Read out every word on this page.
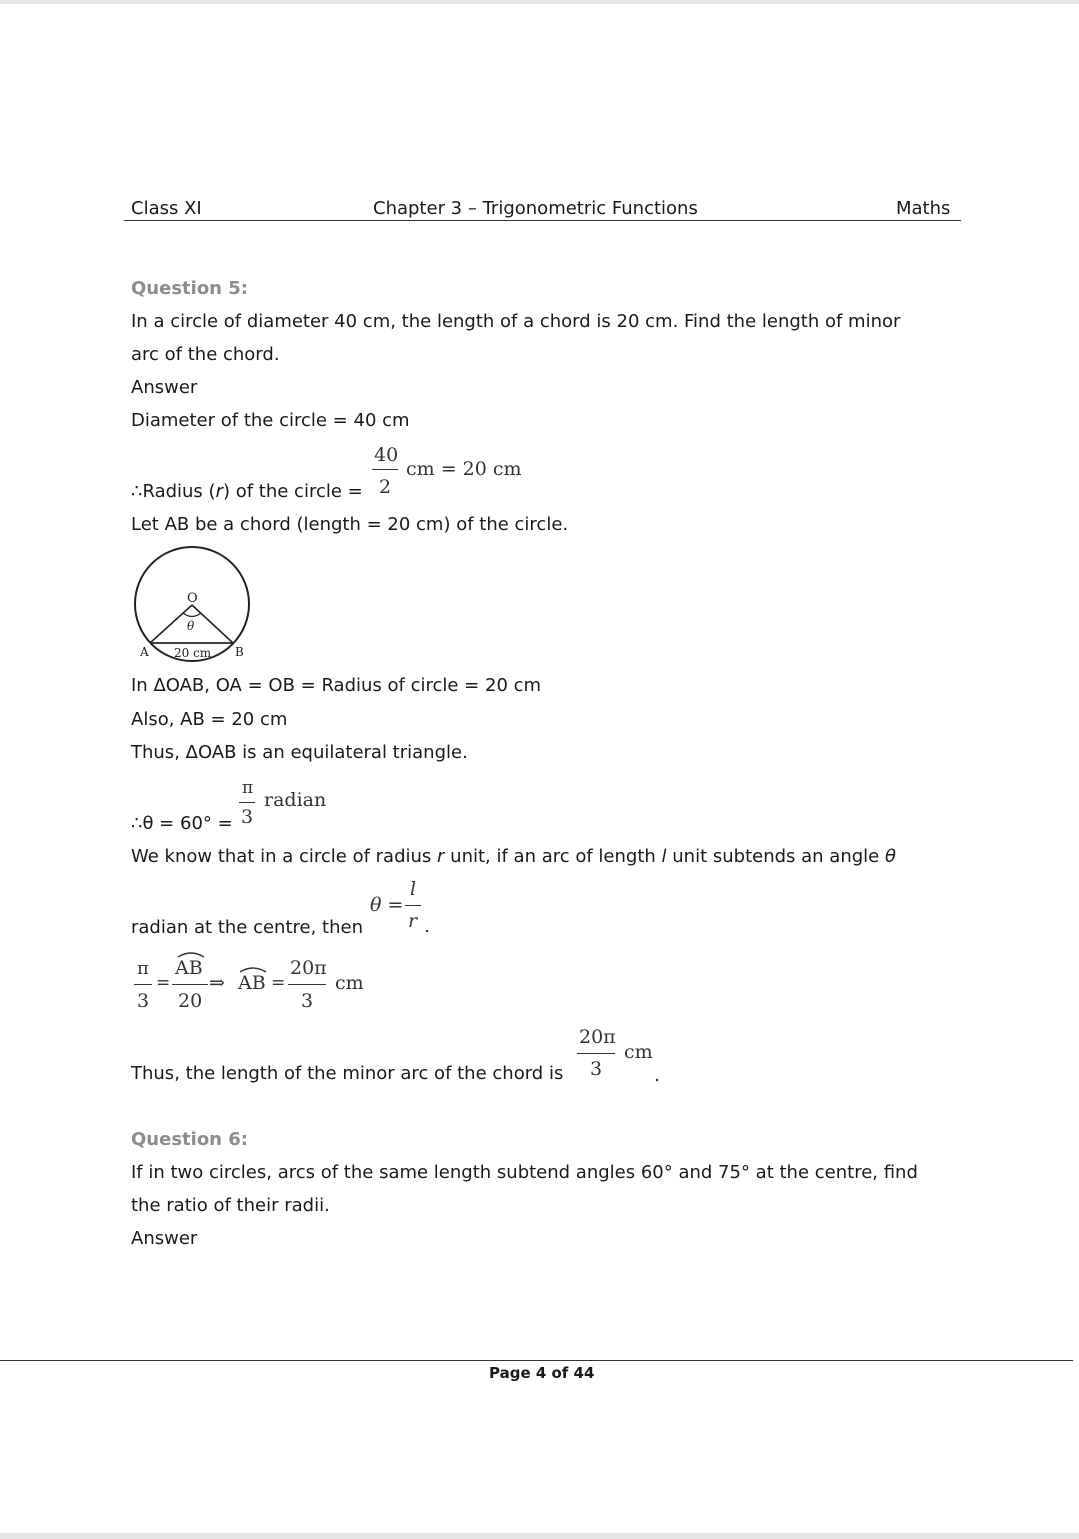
Class XI	Chapter 3 – Trigonometric Functions	Maths
Question 5:
In a circle of diameter 40 cm, the length of a chord is 20 cm. Find the length of minor
arc of the chord.
Answer
Diameter of the circle = 40 cm
∴Radius (r) of the circle =
40
2
cm = 20 cm
Let AB be a chord (length = 20 cm) of the circle.
O
θ
A	B
20 cm
In ΔOAB, OA = OB = Radius of circle = 20 cm
Also, AB = 20 cm
Thus, ΔOAB is an equilateral triangle.
∴θ = 60° =
π
3
radian
We know that in a circle of radius r unit, if an arc of length l unit subtends an angle θ
radian at the centre, then
θ =
l
r .
π
3
=
AB
20
⇒ AB =
20π
3
cm
Thus, the length of the minor arc of the chord is
20π
3
cm
.
Question 6:
If in two circles, arcs of the same length subtend angles 60° and 75° at the centre, find
the ratio of their radii.
Answer
Page 4 of 44
